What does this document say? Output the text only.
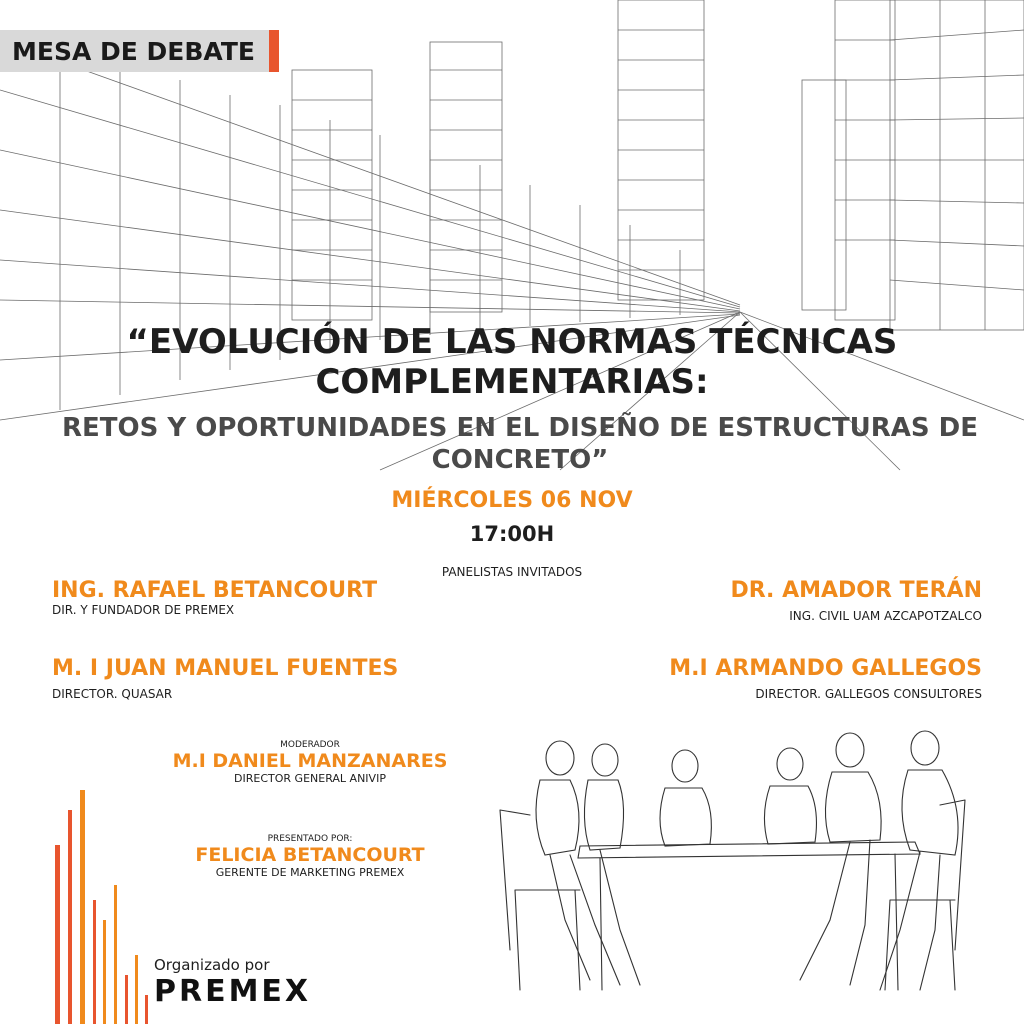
MESA DE DEBATE
“EVOLUCIÓN DE LAS NORMAS TÉCNICAS
COMPLEMENTARIAS:
RETOS Y OPORTUNIDADES EN EL DISEÑO DE ESTRUCTURAS DE
CONCRETO”
MIÉRCOLES 06 NOV
17:00H
PANELISTAS INVITADOS
ING. RAFAEL BETANCOURT
DIR. Y FUNDADOR DE PREMEX
DR. AMADOR TERÁN
ING. CIVIL UAM AZCAPOTZALCO
M. I JUAN MANUEL FUENTES
DIRECTOR. QUASAR
M.I ARMANDO GALLEGOS
DIRECTOR. GALLEGOS CONSULTORES
MODERADOR
M.I DANIEL MANZANARES
DIRECTOR GENERAL ANIVIP
PRESENTADO POR:
FELICIA BETANCOURT
GERENTE DE MARKETING PREMEX
Organizado por
PREMEX
